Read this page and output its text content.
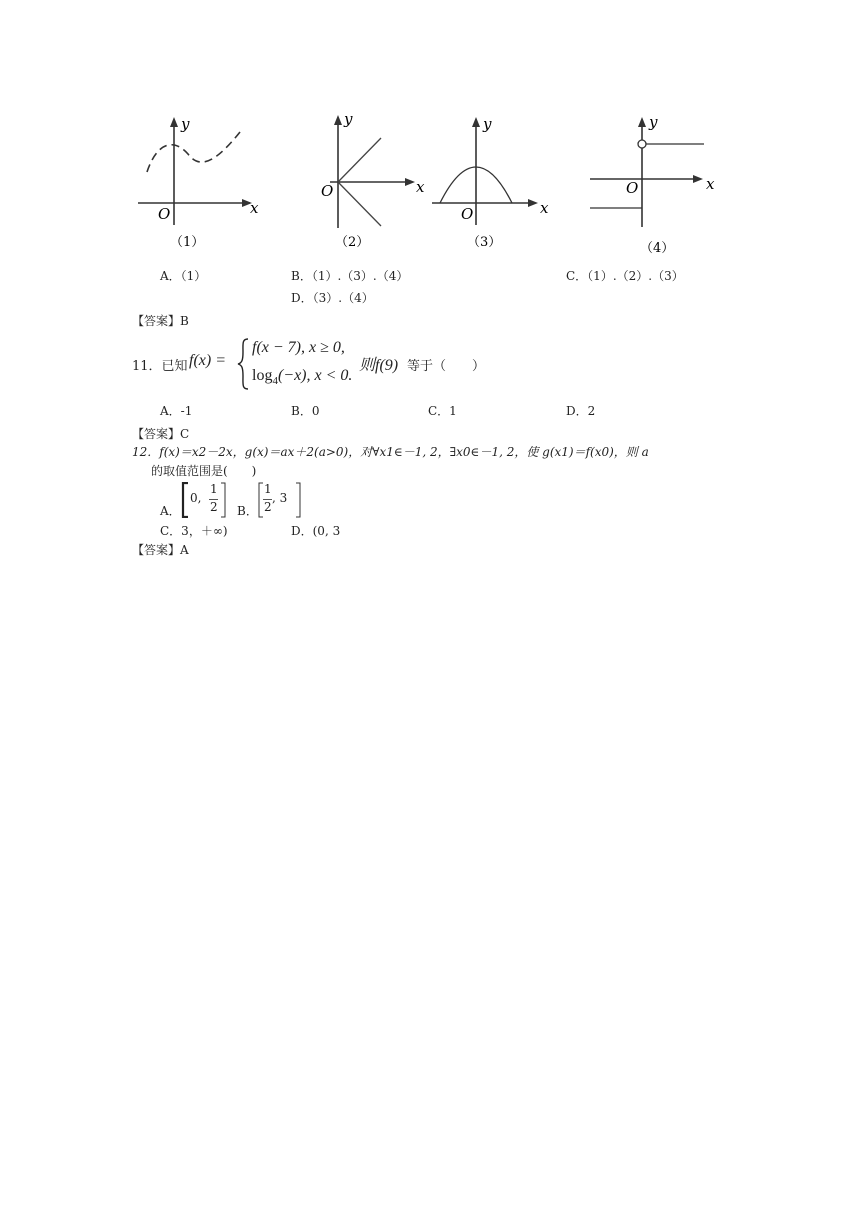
y
x
O
（1）
y
x
O
（2）
y
x
O
（3）
y
x
O
（4）
A．（1）	B．（1）.（3）.（4）	C．（1）.（2）.（3）
D．（3）.（4）
【答案】B
11．已知 f(x) =
f(x − 7), x ≥ 0,
$\log_4(-x)$, x < 0.
则f(9) 等于（　　）
A．-1	B．0	C．1	D．2
【答案】C
12．f(x)＝x2－2x，g(x)＝ax＋2(a>0)，对∀x1∈－1, 2，∃x0∈－1, 2，使 g(x1)＝f(x0)，则 a
的取值范围是(　　)
A．
0,
1
2 B．
1
2
, 3
C．3，＋∞)	D．(0, 3
【答案】A
